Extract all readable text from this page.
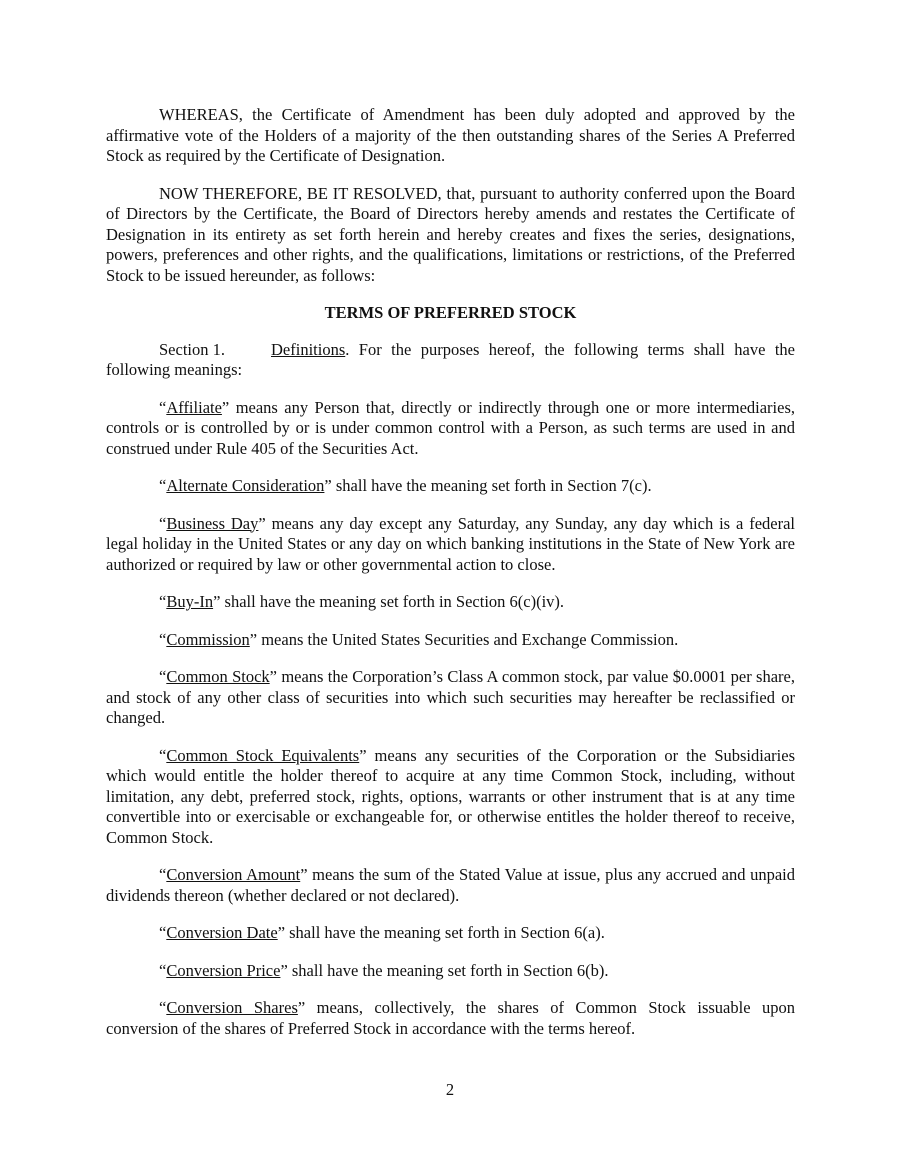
WHEREAS, the Certificate of Amendment has been duly adopted and approved by the affirmative vote of the Holders of a majority of the then outstanding shares of the Series A Preferred Stock as required by the Certificate of Designation.

NOW THEREFORE, BE IT RESOLVED, that, pursuant to authority conferred upon the Board of Directors by the Certificate, the Board of Directors hereby amends and restates the Certificate of Designation in its entirety as set forth herein and hereby creates and fixes the series, designations, powers, preferences and other rights, and the qualifications, limitations or restrictions, of the Preferred Stock to be issued hereunder, as follows:

TERMS OF PREFERRED STOCK

Section 1.	Definitions. For the purposes hereof, the following terms shall have the following meanings:

“Affiliate” means any Person that, directly or indirectly through one or more intermediaries, controls or is controlled by or is under common control with a Person, as such terms are used in and construed under Rule 405 of the Securities Act.

“Alternate Consideration” shall have the meaning set forth in Section 7(c).

“Business Day” means any day except any Saturday, any Sunday, any day which is a federal legal holiday in the United States or any day on which banking institutions in the State of New York are authorized or required by law or other governmental action to close.

“Buy-In” shall have the meaning set forth in Section 6(c)(iv).

“Commission” means the United States Securities and Exchange Commission.

“Common Stock” means the Corporation’s Class A common stock, par value $0.0001 per share, and stock of any other class of securities into which such securities may hereafter be reclassified or changed.

“Common Stock Equivalents” means any securities of the Corporation or the Subsidiaries which would entitle the holder thereof to acquire at any time Common Stock, including, without limitation, any debt, preferred stock, rights, options, warrants or other instrument that is at any time convertible into or exercisable or exchangeable for, or otherwise entitles the holder thereof to receive, Common Stock.

“Conversion Amount” means the sum of the Stated Value at issue, plus any accrued and unpaid dividends thereon (whether declared or not declared).

“Conversion Date” shall have the meaning set forth in Section 6(a).

“Conversion Price” shall have the meaning set forth in Section 6(b).

“Conversion Shares” means, collectively, the shares of Common Stock issuable upon conversion of the shares of Preferred Stock in accordance with the terms hereof.

2
